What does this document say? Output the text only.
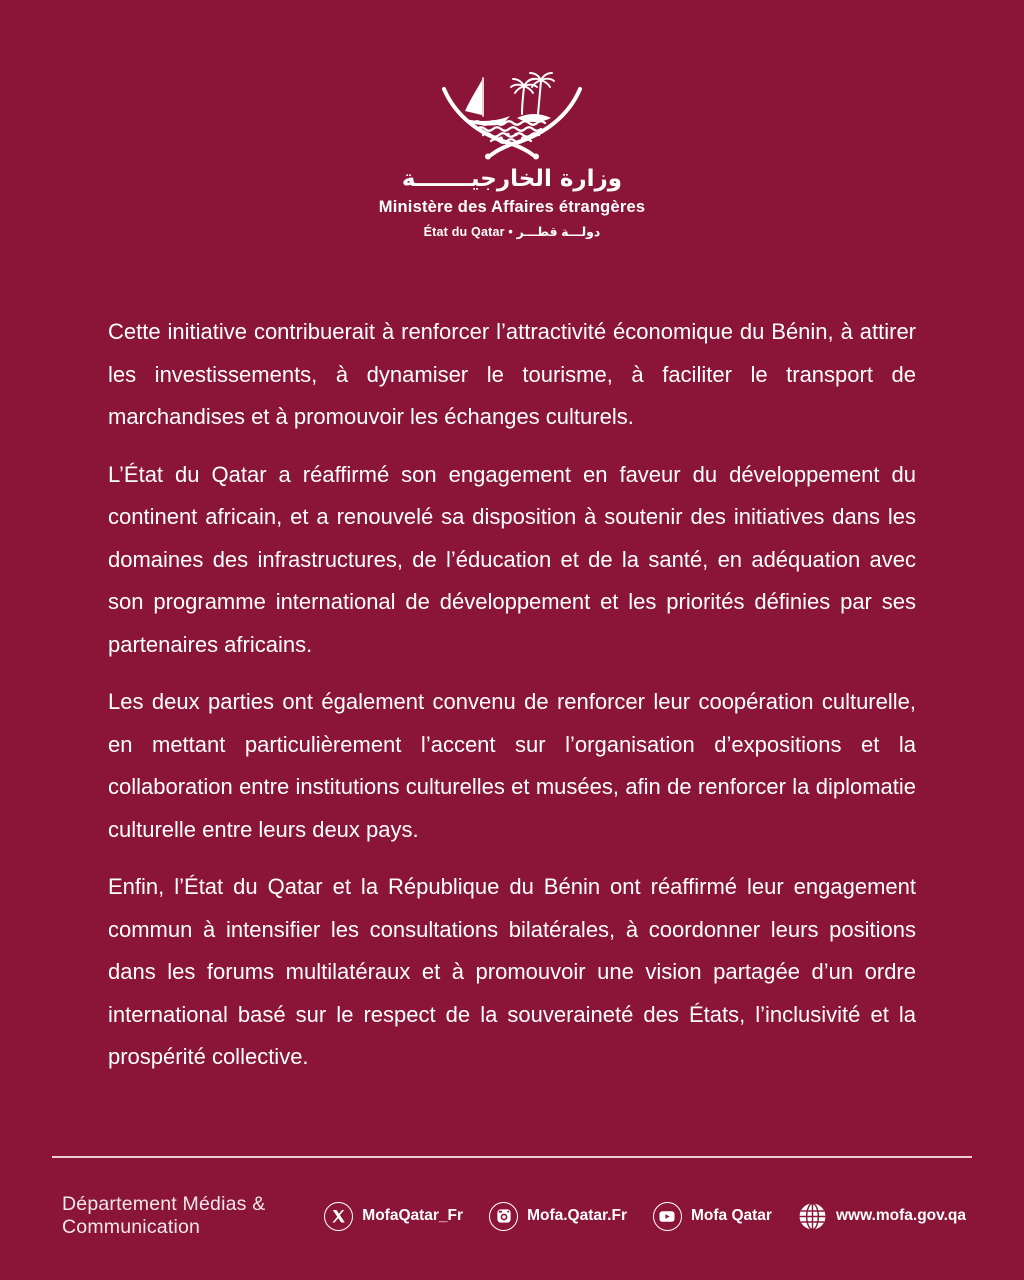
وزارة الخارجيـــــــة
Ministère des Affaires étrangères
État du Qatar • دولـــة قطـــر

Cette initiative contribuerait à renforcer l’attractivité économique du Bénin, à attirer les investissements, à dynamiser le tourisme, à faciliter le transport de marchandises et à promouvoir les échanges culturels.

L’État du Qatar a réaffirmé son engagement en faveur du développement du continent africain, et a renouvelé sa disposition à soutenir des initiatives dans les domaines des infrastructures, de l’éducation et de la santé, en adéquation avec son programme international de développement et les priorités définies par ses partenaires africains.

Les deux parties ont également convenu de renforcer leur coopération culturelle, en mettant particulièrement l’accent sur l’organisation d’expositions et la collaboration entre institutions culturelles et musées, afin de renforcer la diplomatie culturelle entre leurs deux pays.

Enfin, l’État du Qatar et la République du Bénin ont réaffirmé leur engagement commun à intensifier les consultations bilatérales, à coordonner leurs positions dans les forums multilatéraux et à promouvoir une vision partagée d’un ordre international basé sur le respect de la souveraineté des États, l’inclusivité et la prospérité collective.

Département Médias & Communication
MofaQatar_Fr	Mofa.Qatar.Fr	Mofa Qatar	www.mofa.gov.qa
